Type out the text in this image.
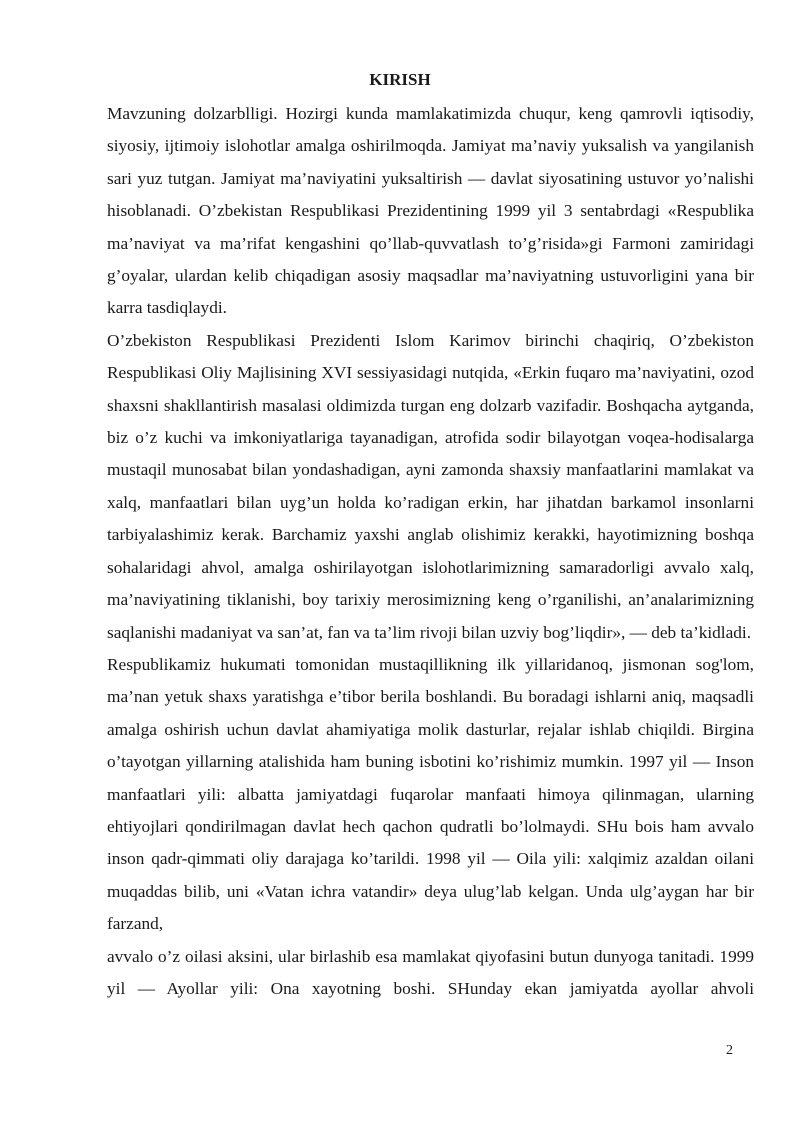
KIRISH

Mavzuning dolzarblligi. Hozirgi kunda mamlakatimizda chuqur, keng qamrovli iqtisodiy, siyosiy, ijtimoiy islohotlar amalga oshirilmoqda. Jamiyat ma’naviy yuksalish va yangilanish sari yuz tutgan. Jamiyat ma’naviyatini yuksaltirish — davlat siyosatining ustuvor yo’nalishi hisoblanadi. O’zbekistan Respublikasi Prezidentining 1999 yil 3 sentabrdagi «Respublika ma’naviyat va ma’rifat kengashini qo’llab-quvvatlash to’g’risida»gi Farmoni zamiridagi g’oyalar, ulardan kelib chiqadigan asosiy maqsadlar ma’naviyatning ustuvorligini yana bir karra tasdiqlaydi.

O’zbekiston Respublikasi Prezidenti Islom Karimov birinchi chaqiriq, O’zbekiston Respublikasi Oliy Majlisining XVI sessiyasidagi nutqida, «Erkin fuqaro ma’naviyatini, ozod shaxsni shakllantirish masalasi oldimizda turgan eng dolzarb vazifadir. Boshqacha aytganda, biz o’z kuchi va imkoniyatlariga tayanadigan, atrofida sodir bilayotgan voqea-hodisalarga mustaqil munosabat bilan yondashadigan, ayni zamonda shaxsiy manfaatlarini mamlakat va xalq, manfaatlari bilan uyg’un holda ko’radigan erkin, har jihatdan barkamol insonlarni tarbiyalashimiz kerak. Barchamiz yaxshi anglab olishimiz kerakki, hayotimizning boshqa sohalaridagi ahvol, amalga oshirilayotgan islohotlarimizning samaradorligi avvalo xalq, ma’naviyatining tiklanishi, boy tarixiy merosimizning keng o’rganilishi, an’analarimizning saqlanishi madaniyat va san’at, fan va ta’lim rivoji bilan uzviy bog’liqdir», — deb ta’kidladi.

Respublikamiz hukumati tomonidan mustaqillikning ilk yillaridanoq, jismonan sog'lom, ma’nan yetuk shaxs yaratishga e’tibor berila boshlandi. Bu boradagi ishlarni aniq, maqsadli amalga oshirish uchun davlat ahamiyatiga molik dasturlar, rejalar ishlab chiqildi. Birgina o’tayotgan yillarning atalishida ham buning isbotini ko’rishimiz mumkin. 1997 yil — Inson manfaatlari yili: albatta jamiyatdagi fuqarolar manfaati himoya qilinmagan, ularning ehtiyojlari qondirilmagan davlat hech qachon qudratli bo’lolmaydi. SHu bois ham avvalo inson qadr-qimmati oliy darajaga ko’tarildi. 1998 yil — Oila yili: xalqimiz azaldan oilani muqaddas bilib, uni «Vatan ichra vatandir» deya ulug’lab kelgan. Unda ulg’aygan har bir farzand,

avvalo o’z oilasi aksini, ular birlashib esa mamlakat qiyofasini butun dunyoga tanitadi. 1999 yil — Ayollar yili: Ona xayotning boshi. SHunday ekan jamiyatda ayollar ahvoli

2
